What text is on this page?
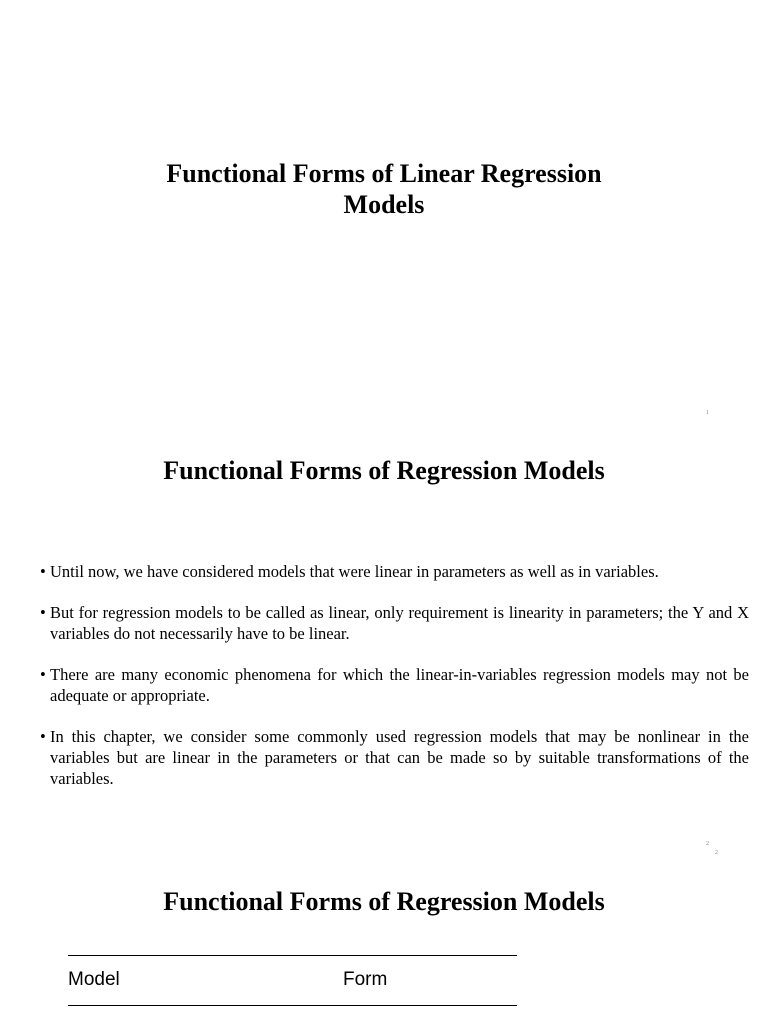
Functional Forms of Linear Regression
Models
1
Functional Forms of Regression Models
• Until now, we have considered models that were linear in parameters as well as in variables.
• But for regression models to be called as linear, only requirement is linearity in parameters; the Y and X variables do not necessarily have to be linear.
• There are many economic phenomena for which the linear-in-variables regression models may not be adequate or appropriate.
• In this chapter, we consider some commonly used regression models that may be nonlinear in the variables but are linear in the parameters or that can be made so by suitable transformations of the variables.
2
2
Functional Forms of Regression Models
Model	Form
